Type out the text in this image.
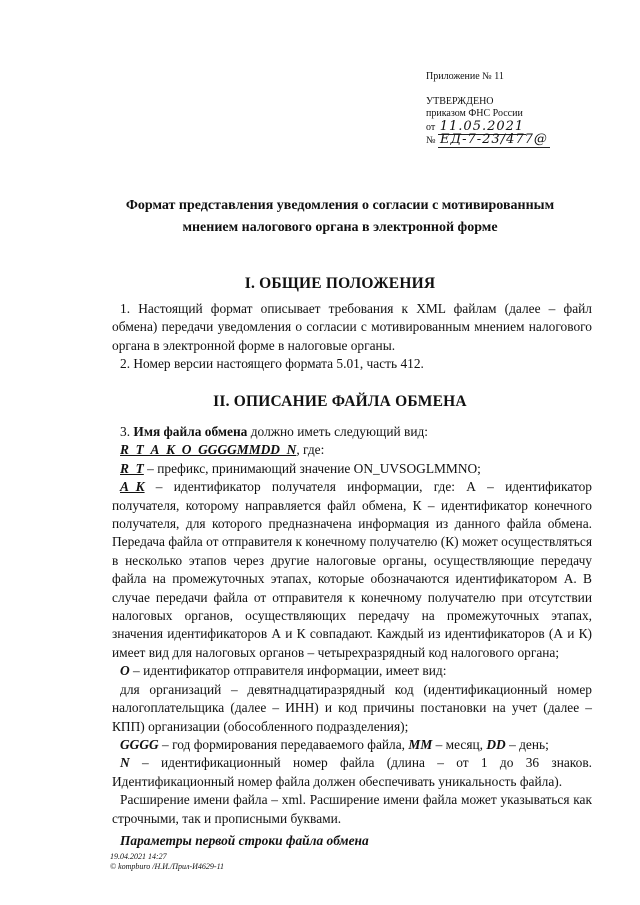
Приложение № 11
УТВЕРЖДЕНО
приказом ФНС России
от 11.05.2021
№ ЕД-7-23/477@
Формат представления уведомления о согласии с мотивированным
мнением налогового органа в электронной форме
I. ОБЩИЕ ПОЛОЖЕНИЯ

1. Настоящий формат описывает требования к XML файлам (далее – файл обмена) передачи уведомления о согласии с мотивированным мнением налогового органа в электронной форме в налоговые органы.

2. Номер версии настоящего формата 5.01, часть 412.

II. ОПИСАНИЕ ФАЙЛА ОБМЕНА

3. Имя файла обмена должно иметь следующий вид:

R_T_A_K_O_GGGGMMDD_N, где:

R_T – префикс, принимающий значение ON_UVSOGLMMNO;

A_K – идентификатор получателя информации, где: А – идентификатор получателя, которому направляется файл обмена, К – идентификатор конечного получателя, для которого предназначена информация из данного файла обмена. Передача файла от отправителя к конечному получателю (К) может осуществляться в несколько этапов через другие налоговые органы, осуществляющие передачу файла на промежуточных этапах, которые обозначаются идентификатором А. В случае передачи файла от отправителя к конечному получателю при отсутствии налоговых органов, осуществляющих передачу на промежуточных этапах, значения идентификаторов А и К совпадают. Каждый из идентификаторов (А и К) имеет вид для налоговых органов – четырехразрядный код налогового органа;

O – идентификатор отправителя информации, имеет вид:

для организаций – девятнадцатиразрядный код (идентификационный номер налогоплательщика (далее – ИНН) и код причины постановки на учет (далее – КПП) организации (обособленного подразделения);

GGGG – год формирования передаваемого файла, MM – месяц, DD – день;

N – идентификационный номер файла (длина – от 1 до 36 знаков. Идентификационный номер файла должен обеспечивать уникальность файла).

Расширение имени файла – xml. Расширение имени файла может указываться как строчными, так и прописными буквами.

Параметры первой строки файла обмена

19.04.2021 14:27
© kompburo /Н.И./Прил-И4629-11
